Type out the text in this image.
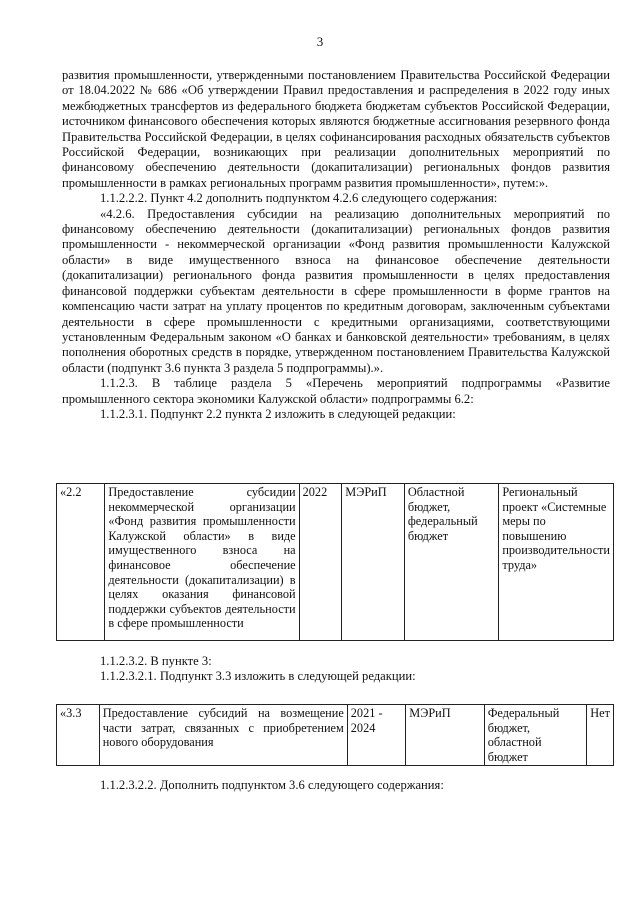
3

развития промышленности, утвержденными постановлением Правительства Российской Федерации от 18.04.2022 № 686 «Об утверждении Правил предоставления и распределения в 2022 году иных межбюджетных трансфертов из федерального бюджета бюджетам субъектов Российской Федерации, источником финансового обеспечения которых являются бюджетные ассигнования резервного фонда Правительства Российской Федерации, в целях софинансирования расходных обязательств субъектов Российской Федерации, возникающих при реализации дополнительных мероприятий по финансовому обеспечению деятельности (докапитализации) региональных фондов развития промышленности в рамках региональных программ развития промышленности», путем:».

1.1.2.2.2. Пункт 4.2 дополнить подпунктом 4.2.6 следующего содержания:

«4.2.6. Предоставления субсидии на реализацию дополнительных мероприятий по финансовому обеспечению деятельности (докапитализации) региональных фондов развития промышленности - некоммерческой организации «Фонд развития промышленности Калужской области» в виде имущественного взноса на финансовое обеспечение деятельности (докапитализации) регионального фонда развития промышленности в целях предоставления финансовой поддержки субъектам деятельности в сфере промышленности в форме грантов на компенсацию части затрат на уплату процентов по кредитным договорам, заключенным субъектами деятельности в сфере промышленности с кредитными организациями, соответствующими установленным Федеральным законом «О банках и банковской деятельности» требованиям, в целях пополнения оборотных средств в порядке, утвержденном постановлением Правительства Калужской области (подпункт 3.6 пункта 3 раздела 5 подпрограммы).».

1.1.2.3. В таблице раздела 5 «Перечень мероприятий подпрограммы «Развитие промышленного сектора экономики Калужской области» подпрограммы 6.2:

1.1.2.3.1. Подпункт 2.2 пункта 2 изложить в следующей редакции:

«2.2	Предоставление субсидии некоммерческой организации «Фонд развития промышленности Калужской области» в виде имущественного взноса на финансовое обеспечение деятельности (докапитализации) в целях оказания финансовой поддержки субъектов деятельности в сфере промышленности	2022	МЭРиП	Областной бюджет, федеральный бюджет	Региональный проект «Системные меры по повышению производительности труда»

1.1.2.3.2. В пункте 3:

1.1.2.3.2.1. Подпункт 3.3 изложить в следующей редакции:

«3.3	Предоставление субсидий на возмещение части затрат, связанных с приобретением нового оборудования	2021 - 2024	МЭРиП	Федеральный бюджет, областной бюджет	Нет

1.1.2.3.2.2. Дополнить подпунктом 3.6 следующего содержания:
